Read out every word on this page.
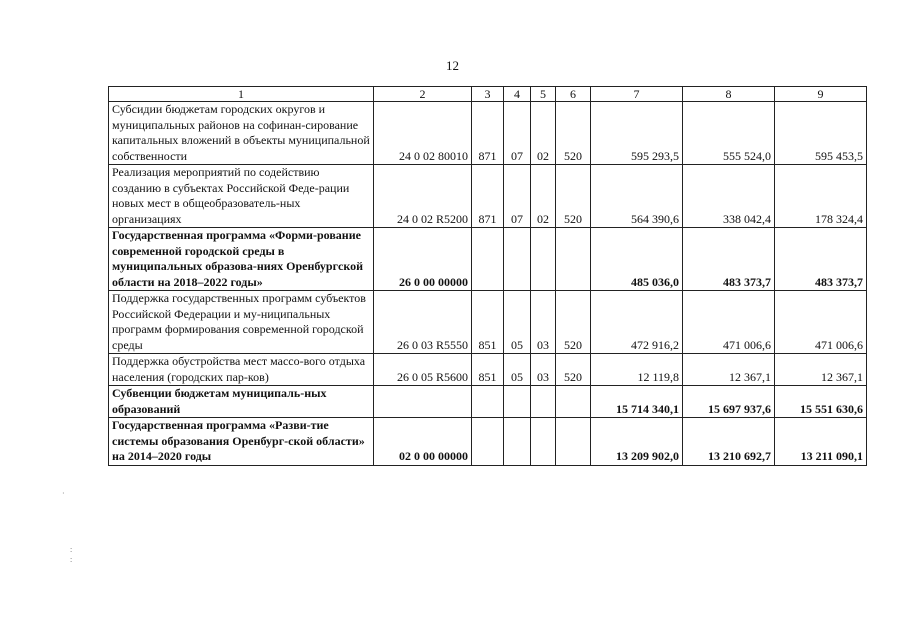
12
1	2	3	4	5	6	7	8	9
Субсидии бюджетам городских округов и муниципальных районов на софинан-сирование капитальных вложений в объекты муниципальной собственности	24 0 02 80010	871	07	02	520	595 293,5	555 524,0	595 453,5
Реализация мероприятий по содействию созданию в субъектах Российской Феде-рации новых мест в общеобразователь-ных организациях	24 0 02 R5200	871	07	02	520	564 390,6	338 042,4	178 324,4
Государственная программа «Форми-рование современной городской среды в муниципальных образова-ниях Оренбургской области на 2018–2022 годы»	26 0 00 00000					485 036,0	483 373,7	483 373,7
Поддержка государственных программ субъектов Российской Федерации и му-ниципальных программ формирования современной городской среды	26 0 03 R5550	851	05	03	520	472 916,2	471 006,6	471 006,6
Поддержка обустройства мест массо-вого отдыха населения (городских пар-ков)	26 0 05 R5600	851	05	03	520	12 119,8	12 367,1	12 367,1
Субвенции бюджетам муниципаль-ных образований						15 714 340,1	15 697 937,6	15 551 630,6
Государственная программа «Разви-тие системы образования Оренбург-ской области» на 2014–2020 годы	02 0 00 00000					13 209 902,0	13 210 692,7	13 211 090,1
·
:
:
